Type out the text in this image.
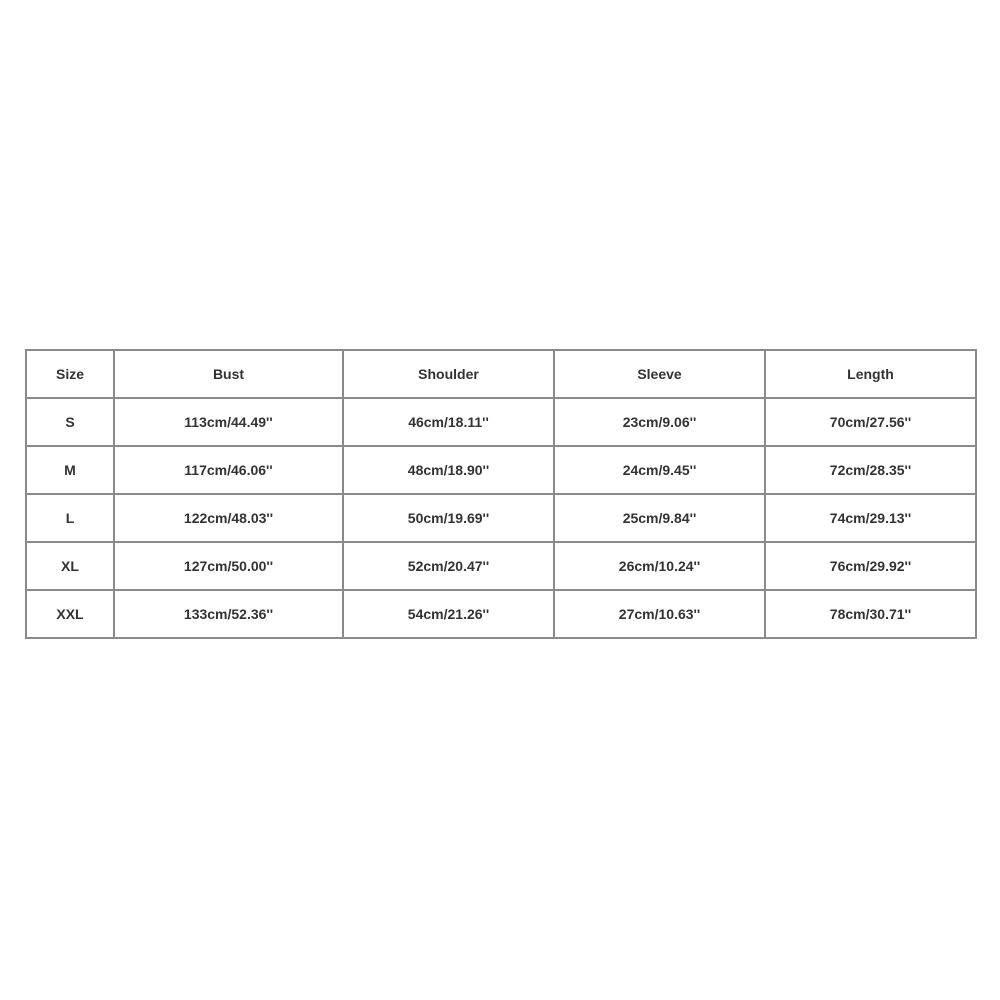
Size	Bust	Shoulder	Sleeve	Length
S	113cm/44.49''	46cm/18.11''	23cm/9.06''	70cm/27.56''
M	117cm/46.06''	48cm/18.90''	24cm/9.45''	72cm/28.35''
L	122cm/48.03''	50cm/19.69''	25cm/9.84''	74cm/29.13''
XL	127cm/50.00''	52cm/20.47''	26cm/10.24''	76cm/29.92''
XXL	133cm/52.36''	54cm/21.26''	27cm/10.63''	78cm/30.71''
